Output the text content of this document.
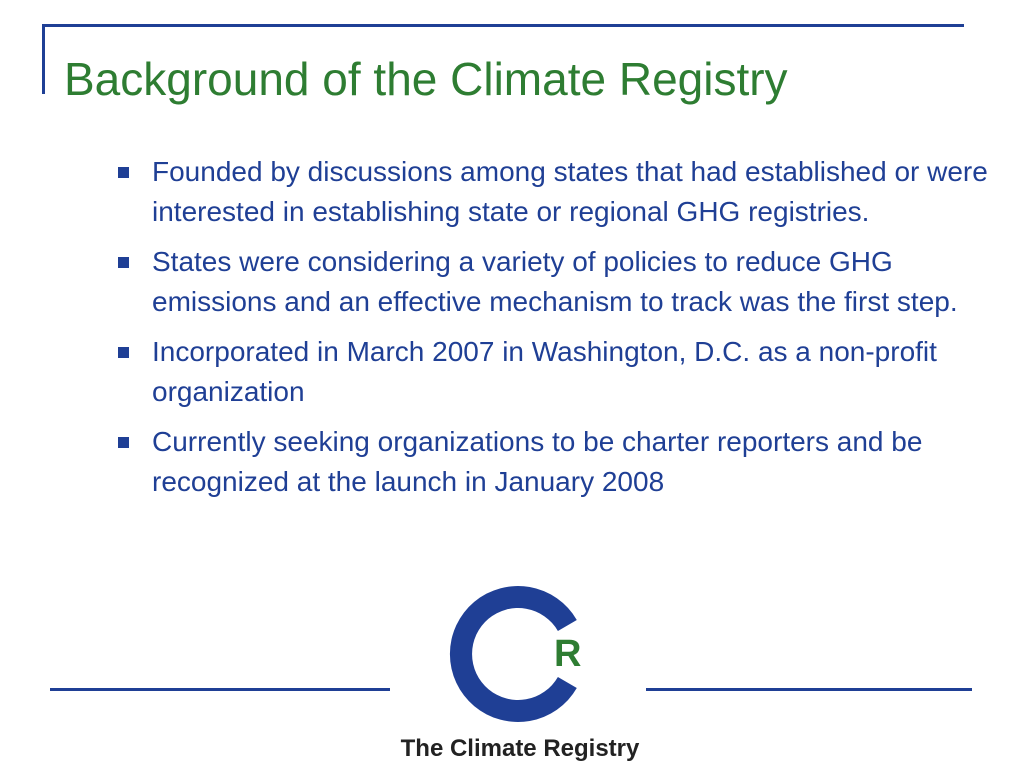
Background of the Climate Registry
Founded by discussions among states that had established or were interested in establishing state or regional GHG registries.
States were considering a variety of policies to reduce GHG emissions and an effective mechanism to track was the first step.
Incorporated in March 2007 in Washington, D.C. as a non-profit organization
Currently seeking organizations to be charter reporters and be recognized at the launch in January 2008
R
The Climate Registry
